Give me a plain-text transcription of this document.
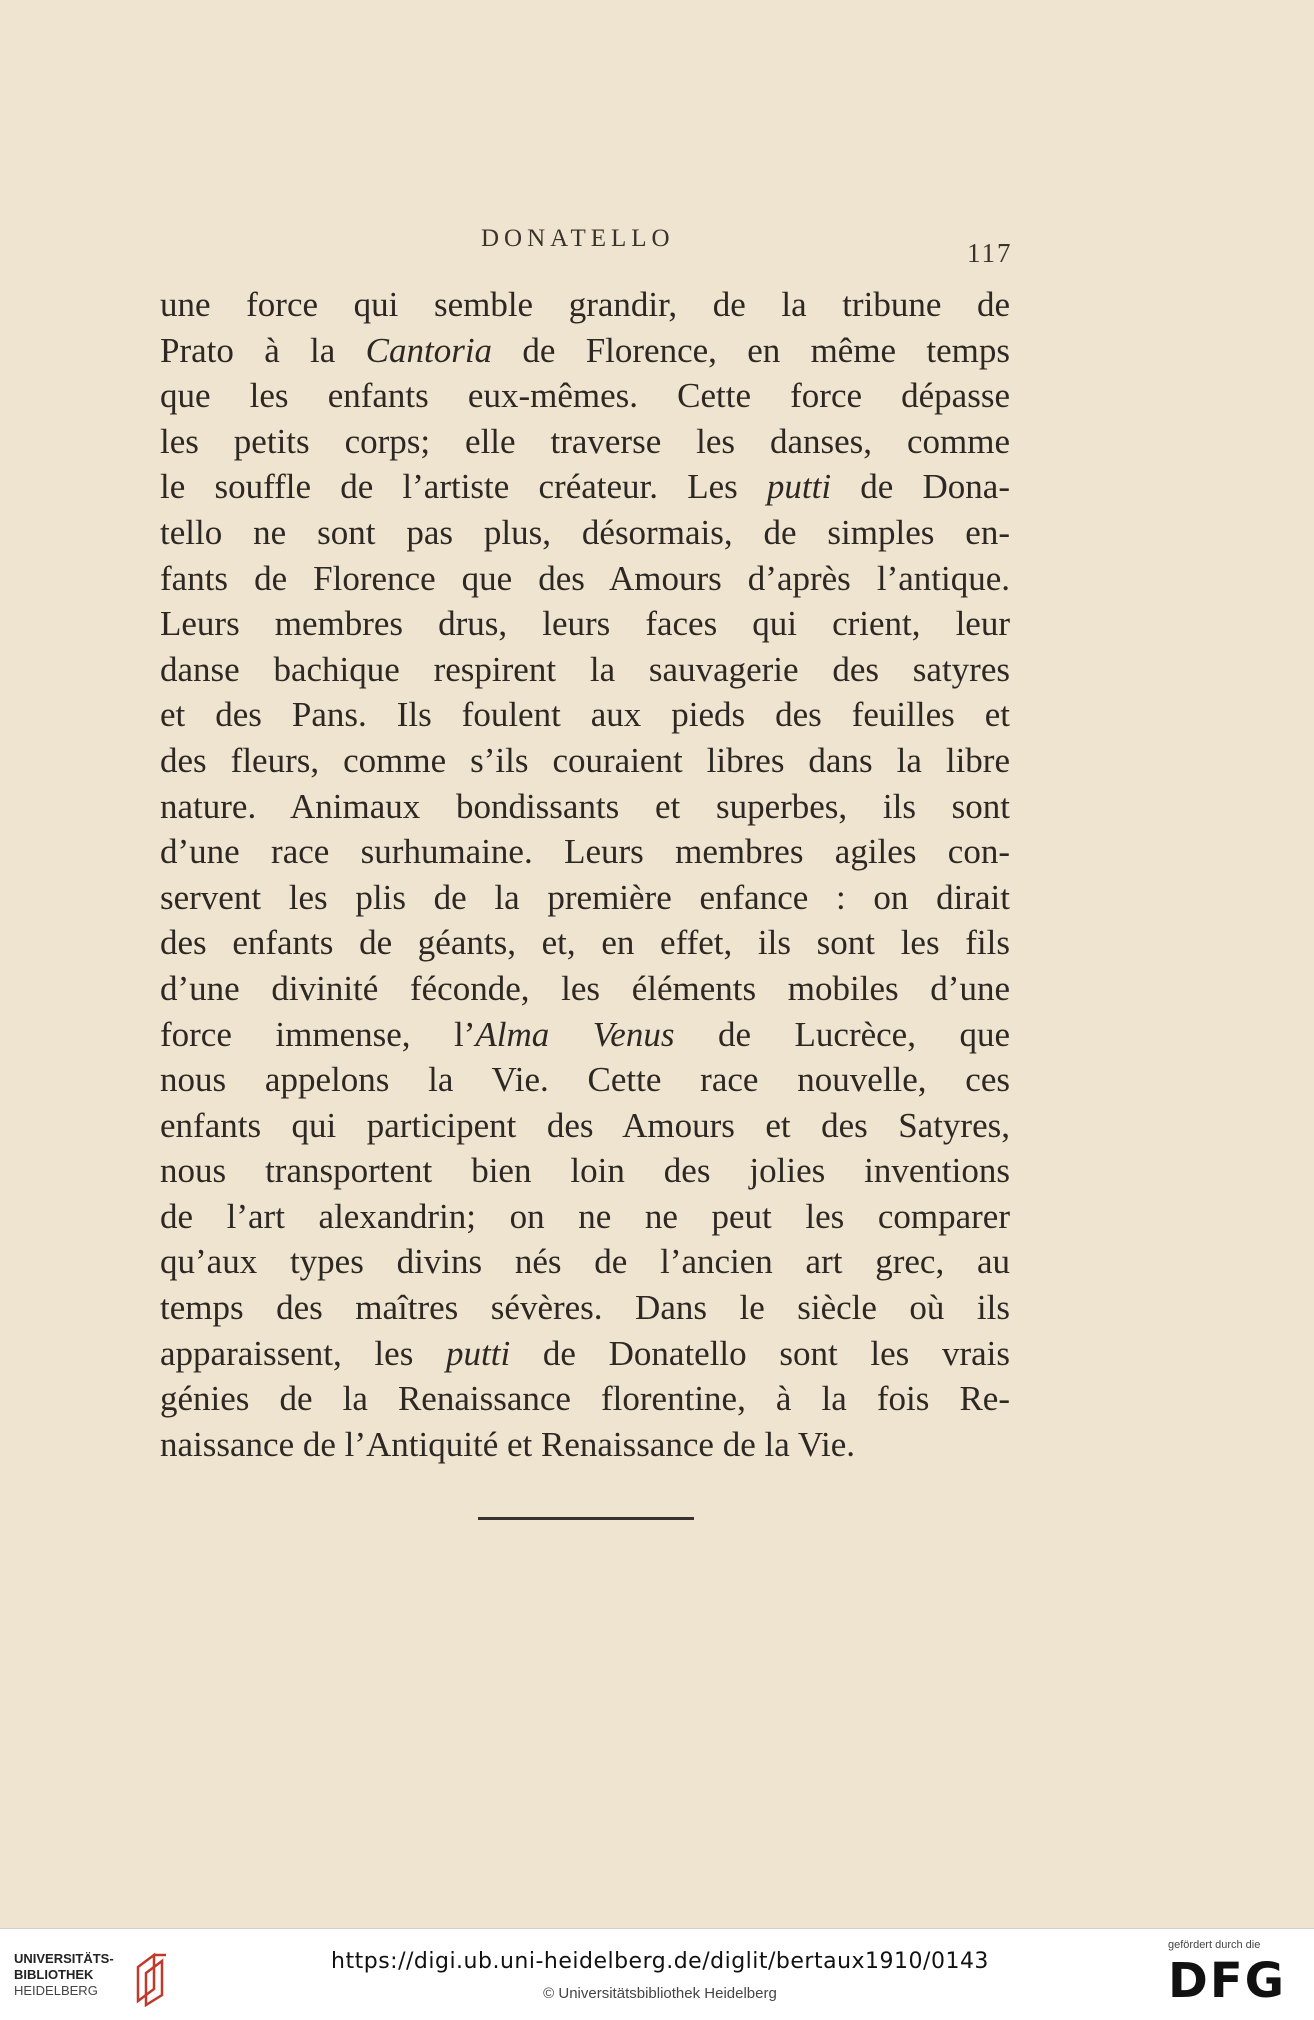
DONATELLO	117
une force qui semble grandir, de la tribune de
Prato à la Cantoria de Florence, en même temps
que les enfants eux-mêmes. Cette force dépasse
les petits corps; elle traverse les danses, comme
le souffle de l’artiste créateur. Les putti de Dona-
tello ne sont pas plus, désormais, de simples en-
fants de Florence que des Amours d’après l’antique.
Leurs membres drus, leurs faces qui crient, leur
danse bachique respirent la sauvagerie des satyres
et des Pans. Ils foulent aux pieds des feuilles et
des fleurs, comme s’ils couraient libres dans la libre
nature. Animaux bondissants et superbes, ils sont
d’une race surhumaine. Leurs membres agiles con-
servent les plis de la première enfance : on dirait
des enfants de géants, et, en effet, ils sont les fils
d’une divinité féconde, les éléments mobiles d’une
force immense, l’Alma Venus de Lucrèce, que
nous appelons la Vie. Cette race nouvelle, ces
enfants qui participent des Amours et des Satyres,
nous transportent bien loin des jolies inventions
de l’art alexandrin; on ne ne peut les comparer
qu’aux types divins nés de l’ancien art grec, au
temps des maîtres sévères. Dans le siècle où ils
apparaissent, les putti de Donatello sont les vrais
génies de la Renaissance florentine, à la fois Re-
naissance de l’Antiquité et Renaissance de la Vie.
UNIVERSITÄTS-
BIBLIOTHEK
HEIDELBERG
https://digi.ub.uni-heidelberg.de/diglit/bertaux1910/0143
© Universitätsbibliothek Heidelberg
gefördert durch die
DFG
